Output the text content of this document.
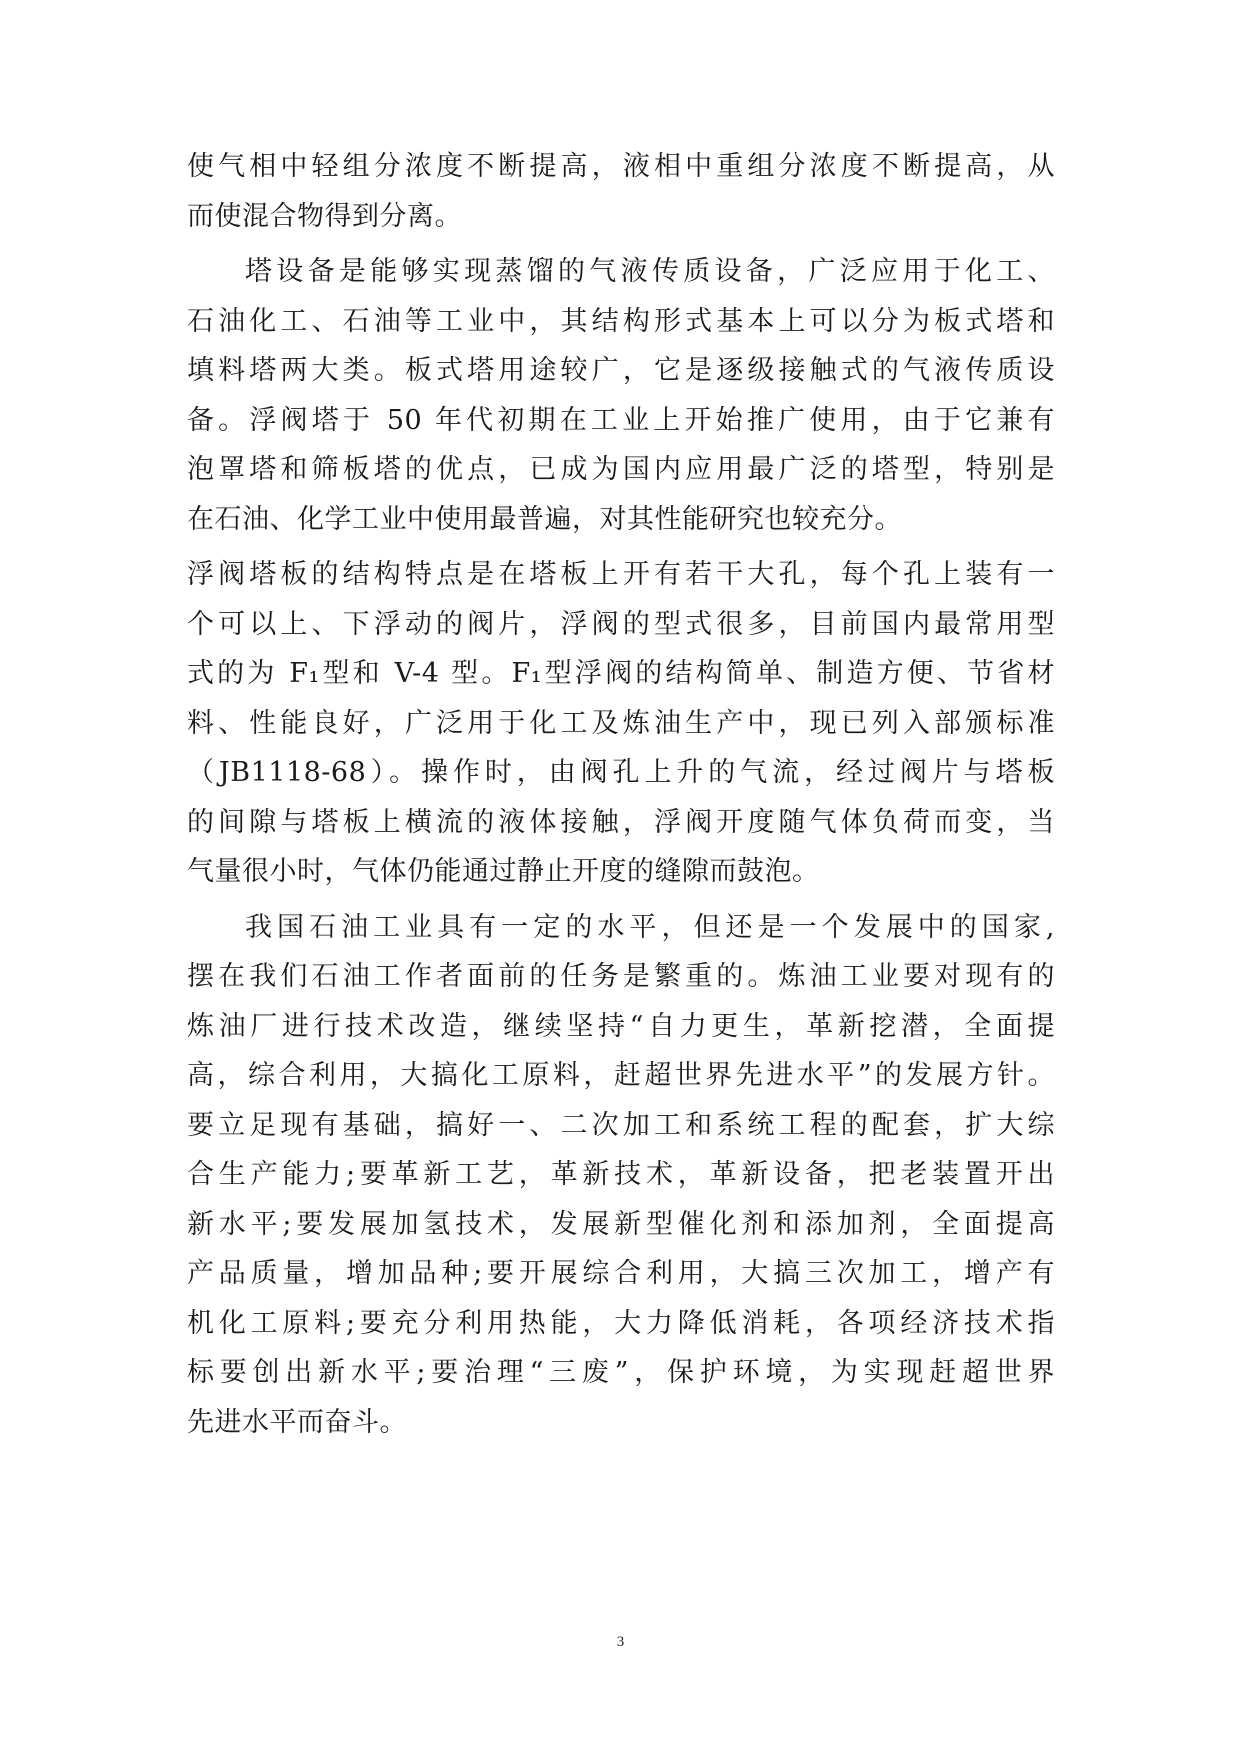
使气相中轻组分浓度不断提高，液相中重组分浓度不断提高，从
而使混合物得到分离。
塔设备是能够实现蒸馏的气液传质设备，广泛应用于化工、
石油化工、石油等工业中，其结构形式基本上可以分为板式塔和
填料塔两大类。板式塔用途较广，它是逐级接触式的气液传质设
备。浮阀塔于 50 年代初期在工业上开始推广使用，由于它兼有
泡罩塔和筛板塔的优点，已成为国内应用最广泛的塔型，特别是
在石油、化学工业中使用最普遍，对其性能研究也较充分。
浮阀塔板的结构特点是在塔板上开有若干大孔，每个孔上装有一
个可以上、下浮动的阀片，浮阀的型式很多，目前国内最常用型
式的为 F₁型和 V-4 型。F₁型浮阀的结构简单、制造方便、节省材
料、性能良好，广泛用于化工及炼油生产中，现已列入部颁标准
（JB1118-68）。操作时，由阀孔上升的气流，经过阀片与塔板
的间隙与塔板上横流的液体接触，浮阀开度随气体负荷而变，当
气量很小时，气体仍能通过静止开度的缝隙而鼓泡。
我国石油工业具有一定的水平，但还是一个发展中的国家,
摆在我们石油工作者面前的任务是繁重的。炼油工业要对现有的
炼油厂进行技术改造，继续坚持“自力更生，革新挖潜，全面提
高，综合利用，大搞化工原料，赶超世界先进水平”的发展方针。
要立足现有基础，搞好一、二次加工和系统工程的配套，扩大综
合生产能力;要革新工艺，革新技术，革新设备，把老装置开出
新水平;要发展加氢技术，发展新型催化剂和添加剂，全面提高
产品质量，增加品种;要开展综合利用，大搞三次加工，增产有
机化工原料;要充分利用热能，大力降低消耗，各项经济技术指
标要创出新水平;要治理“三废”，保护环境，为实现赶超世界
先进水平而奋斗。
3
